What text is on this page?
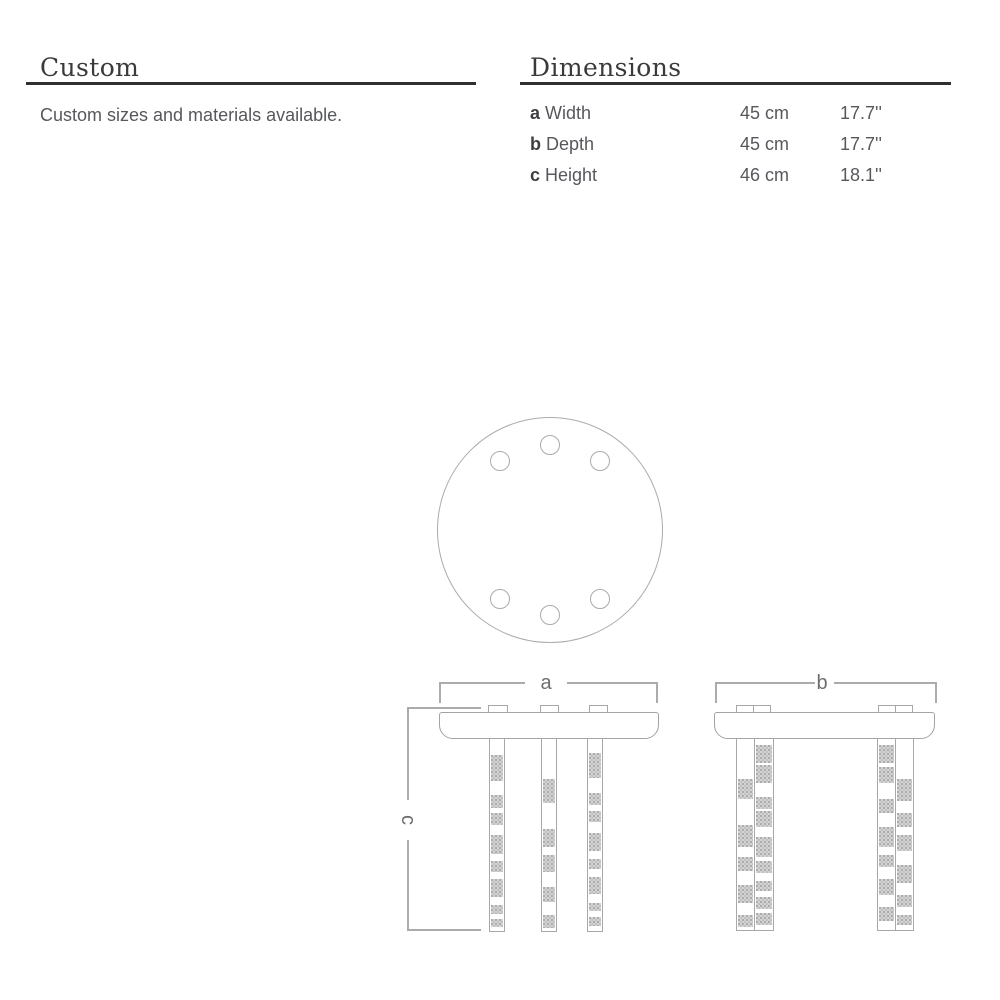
Custom
Custom sizes and materials available.
Dimensions
a Width	45 cm	17.7''
b Depth	45 cm	17.7''
c Height	46 cm	18.1''
a
c
b
